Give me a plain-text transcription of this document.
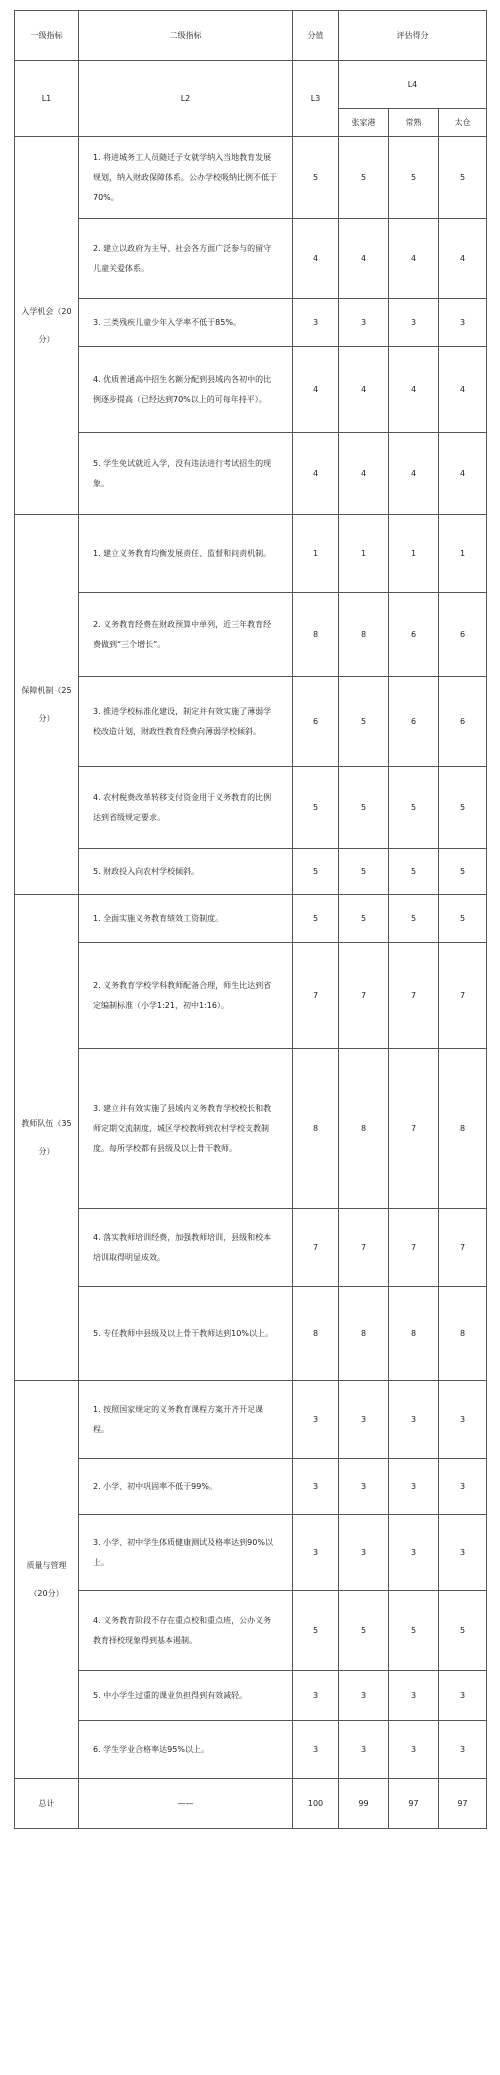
一级指标	二级指标	分值	评估得分		
L1	L2	L3	L4		
			张家港	常熟	太仓
入学机会（20分）	1. 将进城务工人员随迁子女就学纳入当地教育发展规划，纳入财政保障体系。公办学校吸纳比例不低于70%。	5	5	5	5
	2. 建立以政府为主导、社会各方面广泛参与的留守儿童关爱体系。	4	4	4	4
	3. 三类残疾儿童少年入学率不低于85%。	3	3	3	3
	4. 优质普通高中招生名额分配到县域内各初中的比例逐步提高（已经达到70%以上的可每年持平）。	4	4	4	4
	5. 学生免试就近入学，没有违法进行考试招生的现象。	4	4	4	4
保障机制（25分）	1. 建立义务教育均衡发展责任、监督和问责机制。	1	1	1	1
	2. 义务教育经费在财政预算中单列，近三年教育经费做到“三个增长”。	8	8	6	6
	3. 推进学校标准化建设，制定并有效实施了薄弱学校改造计划，财政性教育经费向薄弱学校倾斜。	6	5	6	6
	4. 农村税费改革转移支付资金用于义务教育的比例达到省级规定要求。	5	5	5	5
	5. 财政投入向农村学校倾斜。	5	5	5	5
教师队伍（35分）	1. 全面实施义务教育绩效工资制度。	5	5	5	5
	2. 义务教育学校学科教师配备合理，师生比达到省定编制标准（小学1:21，初中1:16）。	7	7	7	7
	3. 建立并有效实施了县域内义务教育学校校长和教师定期交流制度，城区学校教师到农村学校支教制度。每所学校都有县级及以上骨干教师。	8	8	7	8
	4. 落实教师培训经费，加强教师培训，县级和校本培训取得明显成效。	7	7	7	7
	5. 专任教师中县级及以上骨干教师达到10%以上。	8	8	8	8
质量与管理（20分）	1. 按照国家规定的义务教育课程方案开齐开足课程。	3	3	3	3
	2. 小学、初中巩固率不低于99%。	3	3	3	3
	3. 小学、初中学生体质健康测试及格率达到90%以上。	3	3	3	3
	4. 义务教育阶段不存在重点校和重点班，公办义务教育择校现象得到基本遏制。	5	5	5	5
	5. 中小学生过重的课业负担得到有效减轻。	3	3	3	3
	6. 学生学业合格率达95%以上。	3	3	3	3
总计	——	100	99	97	97
